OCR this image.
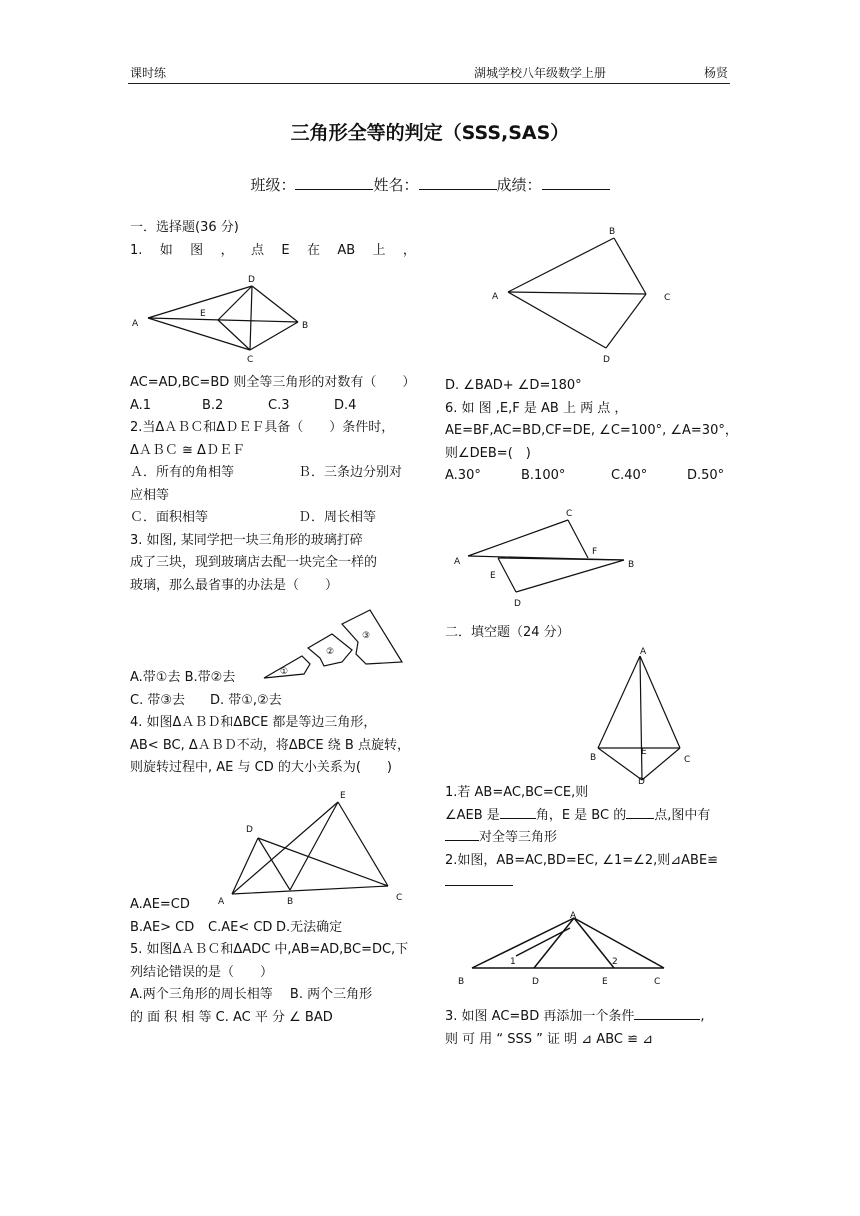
课时练	湖城学校八年级数学上册	杨贤
三角形全等的判定（SSS,SAS）
班级：	姓名：	成绩：
一．选择题(36 分)
1. 如 图 ， 点 E 在 AB 上 ，
AC=AD,BC=BD 则全等三角形的对数有（　　）
A.1	B.2	C.3	D.4
2.当ΔＡＢＣ和ΔＤＥＦ具备（　　）条件时，
ΔＡＢＣ ≅ ΔＤＥＦ
Ａ．所有的角相等	Ｂ．三条边分别对
应相等
Ｃ．面积相等	Ｄ．周长相等
3. 如图, 某同学把一块三角形的玻璃打碎
成了三块，现到玻璃店去配一块完全一样的
玻璃，那么最省事的办法是（　　）
A.带①去 B.带②去
C. 带③去	D. 带①,②去
4. 如图ΔＡＢＤ和ΔBCE 都是等边三角形，
AB< BC, ΔＡＢＤ不动，将ΔBCE 绕 B 点旋转，
则旋转过程中, AE 与 CD 的大小关系为(　　)
A.AE=CD
B.AE> CD	C.AE< CD D.无法确定
5. 如图ΔＡＢＣ和ΔADC 中,AB=AD,BC=DC,下
列结论错误的是（　　）
A.两个三角形的周长相等　 B. 两个三角形
的 面 积 相 等 C. AC 平 分 ∠ BAD
D. ∠BAD+ ∠D=180°
6. 如 图 ,E,F 是 AB 上 两 点 ，
AE=BF,AC=BD,CF=DE, ∠C=100°, ∠A=30°，
则∠DEB=(　)
A.30°	B.100°	C.40°	D.50°
二．填空题（24 分）
1.若 AB=AC,BC=CE,则
∠AEB 是	角，E 是 BC 的 点,图中有
对全等三角形
2.如图，AB=AC,BD=EC, ∠1=∠2,则⊿ABE≌
3. 如图 AC=BD 再添加一个条件	,
则 可 用 “ SSS ” 证 明 ⊿ ABC ≌ ⊿
A	B
C
D
E
A
B
C
D
①
②
③
A	B
C
D
E
F
A
B	C
D
E
A	B	C
D
E
A
B	C
D	E
1	2
